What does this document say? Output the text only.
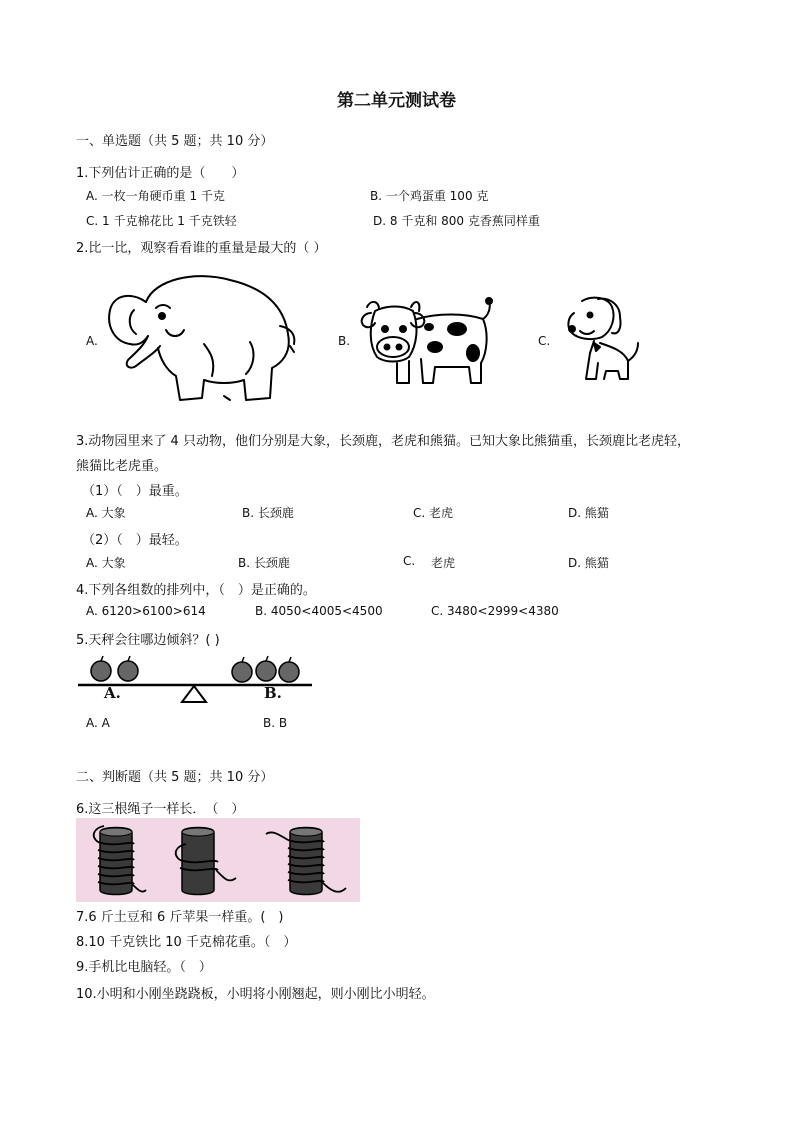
第二单元测试卷
一、单选题（共 5 题；共 10 分）
1.下列估计正确的是（　　）
A. 一枚一角硬币重 1 千克	B. 一个鸡蛋重 100 克
C. 1 千克棉花比 1 千克铁轻	D. 8 千克和 800 克香蕉同样重
2.比一比，观察看看谁的重量是最大的（ ）
A.	B.	C.
3.动物园里来了 4 只动物，他们分别是大象，长颈鹿，老虎和熊猫。已知大象比熊猫重，长颈鹿比老虎轻，
熊猫比老虎重。
（1）（　）最重。
A. 大象	B. 长颈鹿	C. 老虎	D. 熊猫
（2）（　）最轻。
A. 大象	B. 长颈鹿	C. 老虎	D. 熊猫
4.下列各组数的排列中，（　）是正确的。
A. 6120>6100>614	B. 4050<4005<4500	C. 3480<2999<4380
5.天秤会往哪边倾斜？( )
A.	B.
A. A	B. B
二、判断题（共 5 题；共 10 分）
6.这三根绳子一样长．　（　）
7.6 斤土豆和 6 斤苹果一样重。(　)
8.10 千克铁比 10 千克棉花重。（　）
9.手机比电脑轻。（　）
10.小明和小刚坐跷跷板，小明将小刚翘起，则小刚比小明轻。
